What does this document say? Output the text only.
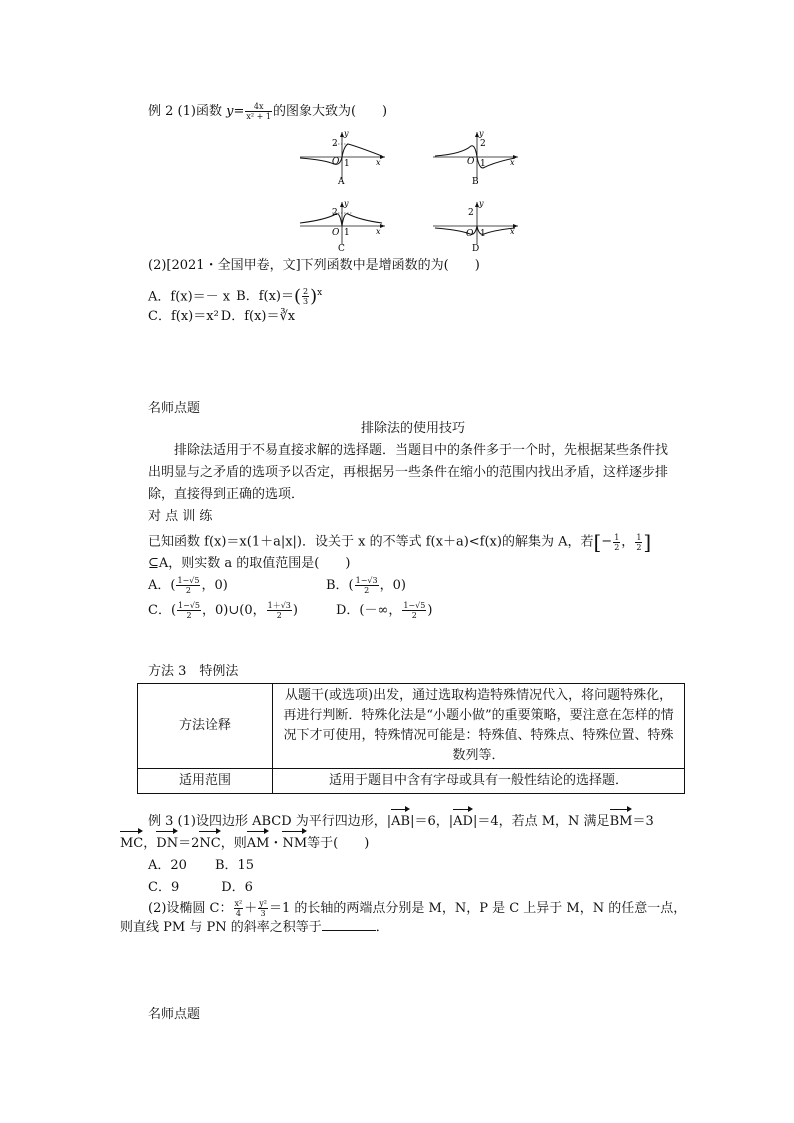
例 2 (1)函数 $y= \frac{4x}{\text{x² + 1}}$ 的图象大致为(　　)
2
y
O 1	x
A
2
y
O 1	x
B
2
y
O 1	x
C
2
y
O 1	x
D
(2)[2021・全国甲卷，文]下列函数中是增函数的为(　　)
A．f(x)＝－ x B．$f(x)=( \frac{2}{3} )^x$
C．f(x)＝x² D．f(x)＝∛x
名师点题
排除法的使用技巧
排除法适用于不易直接求解的选择题．当题目中的条件多于一个时，先根据某些条件找出明显与之矛盾的选项予以否定，再根据另一些条件在缩小的范围内找出矛盾，这样逐步排除，直接得到正确的选项．
对 点 训 练
已知函数 f(x)＝x(1＋a|x|)．设关于 x 的不等式 f(x＋a)<f(x)的解集为 A，若[− $\frac{1}{2}$ ， $\frac{1}{2}$ ]
⊆A，则实数 a 的取值范围是(　　)
A．( $\frac{1-√5}{2}$ ，0)	B．( $\frac{1-√3}{2}$ ，0)
C．( $\frac{1-√5}{2}$ ，0)∪(0， $\frac{1+√3}{2}$ )	D．(－∞， $\frac{1-√5}{2}$ )
方法 3　特例法
方法诠释	从题干(或选项)出发，通过选取构造特殊情况代入，将问题特殊化，再进行判断．特殊化法是“小题小做”的重要策略，要注意在怎样的情况下才可使用，特殊情况可能是：特殊值、特殊点、特殊位置、特殊数列等．
适用范围	适用于题目中含有字母或具有一般性结论的选择题．
例 3 (1)设四边形 ABCD 为平行四边形，|AB|＝6，|AD|＝4，若点 M，N 满足BM＝3
MC，DN＝2NC，则AM・NM等于(　　)
A．20 B．15
C．9	D．6
(2)设椭圆 C： $\frac{\text{x²}}{4} + \frac{\text{y²}}{3} =1$ 的长轴的两端点分别是 M，N，P 是 C 上异于 M，N 的任意一点，
则直线 PM 与 PN 的斜率之积等于	．
名师点题
